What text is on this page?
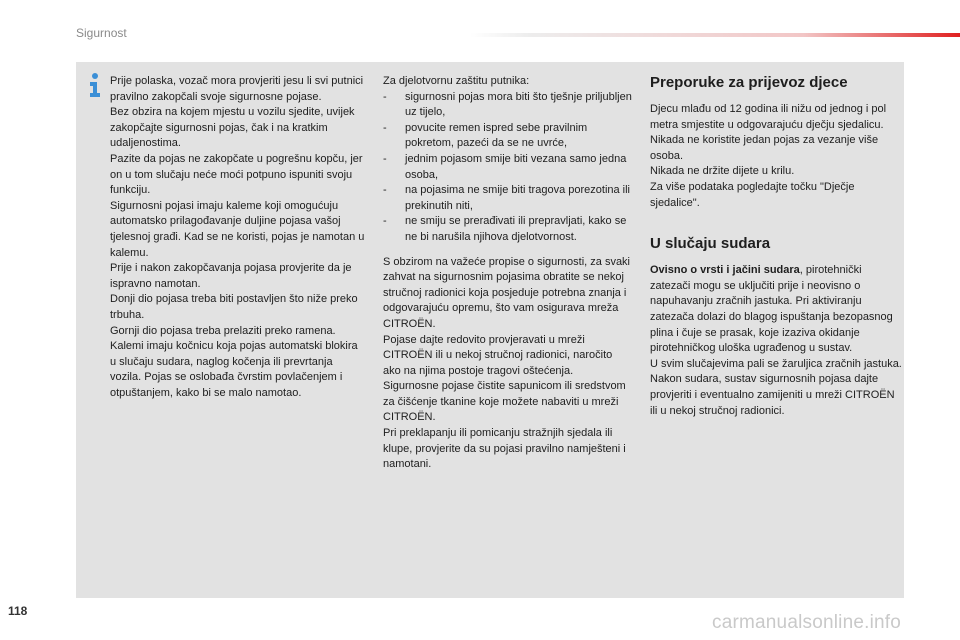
Sigurnost

Prije polaska, vozač mora provjeriti jesu li svi putnici pravilno zakopčali svoje sigurnosne pojase.

Bez obzira na kojem mjestu u vozilu sjedite, uvijek zakopčajte sigurnosni pojas, čak i na kratkim udaljenostima.

Pazite da pojas ne zakopčate u pogrešnu kopču, jer on u tom slučaju neće moći potpuno ispuniti svoju funkciju.

Sigurnosni pojasi imaju kaleme koji omogućuju automatsko prilagođavanje duljine pojasa vašoj tjelesnoj građi. Kad se ne koristi, pojas je namotan u kalemu.

Prije i nakon zakopčavanja pojasa provjerite da je ispravno namotan.

Donji dio pojasa treba biti postavljen što niže preko trbuha.

Gornji dio pojasa treba prelaziti preko ramena.

Kalemi imaju kočnicu koja pojas automatski blokira u slučaju sudara, naglog kočenja ili prevrtanja vozila. Pojas se oslobađa čvrstim povlačenjem i otpuštanjem, kako bi se malo namotao.

Za djelotvornu zaštitu putnika:

- sigurnosni pojas mora biti što tješnje priljubljen uz tijelo,
- povucite remen ispred sebe pravilnim pokretom, pazeći da se ne uvrće,
- jednim pojasom smije biti vezana samo jedna osoba,
- na pojasima ne smije biti tragova porezotina ili prekinutih niti,
- ne smiju se prerađivati ili prepravljati, kako se ne bi narušila njihova djelotvornost.

S obzirom na važeće propise o sigurnosti, za svaki zahvat na sigurnosnim pojasima obratite se nekoj stručnoj radionici koja posjeduje potrebna znanja i odgovarajuću opremu, što vam osigurava mreža CITROËN.

Pojase dajte redovito provjeravati u mreži CITROËN ili u nekoj stručnoj radionici, naročito ako na njima postoje tragovi oštećenja.

Sigurnosne pojase čistite sapunicom ili sredstvom za čišćenje tkanine koje možete nabaviti u mreži CITROËN.

Pri preklapanju ili pomicanju stražnjih sjedala ili klupe, provjerite da su pojasi pravilno namješteni i namotani.

Preporuke za prijevoz djece

Djecu mlađu od 12 godina ili nižu od jednog i pol metra smjestite u odgovarajuću dječju sjedalicu.

Nikada ne koristite jedan pojas za vezanje više osoba.

Nikada ne držite dijete u krilu.

Za više podataka pogledajte točku "Dječje sjedalice".

U slučaju sudara

Ovisno o vrsti i jačini sudara, pirotehnički zatezači mogu se uključiti prije i neovisno o napuhavanju zračnih jastuka. Pri aktiviranju zatezača dolazi do blagog ispuštanja bezopasnog plina i čuje se prasak, koje izaziva okidanje pirotehničkog uloška ugrađenog u sustav.

U svim slučajevima pali se žaruljica zračnih jastuka.

Nakon sudara, sustav sigurnosnih pojasa dajte provjeriti i eventualno zamijeniti u mreži CITROËN ili u nekoj stručnoj radionici.

118
carmanualsonline.info
